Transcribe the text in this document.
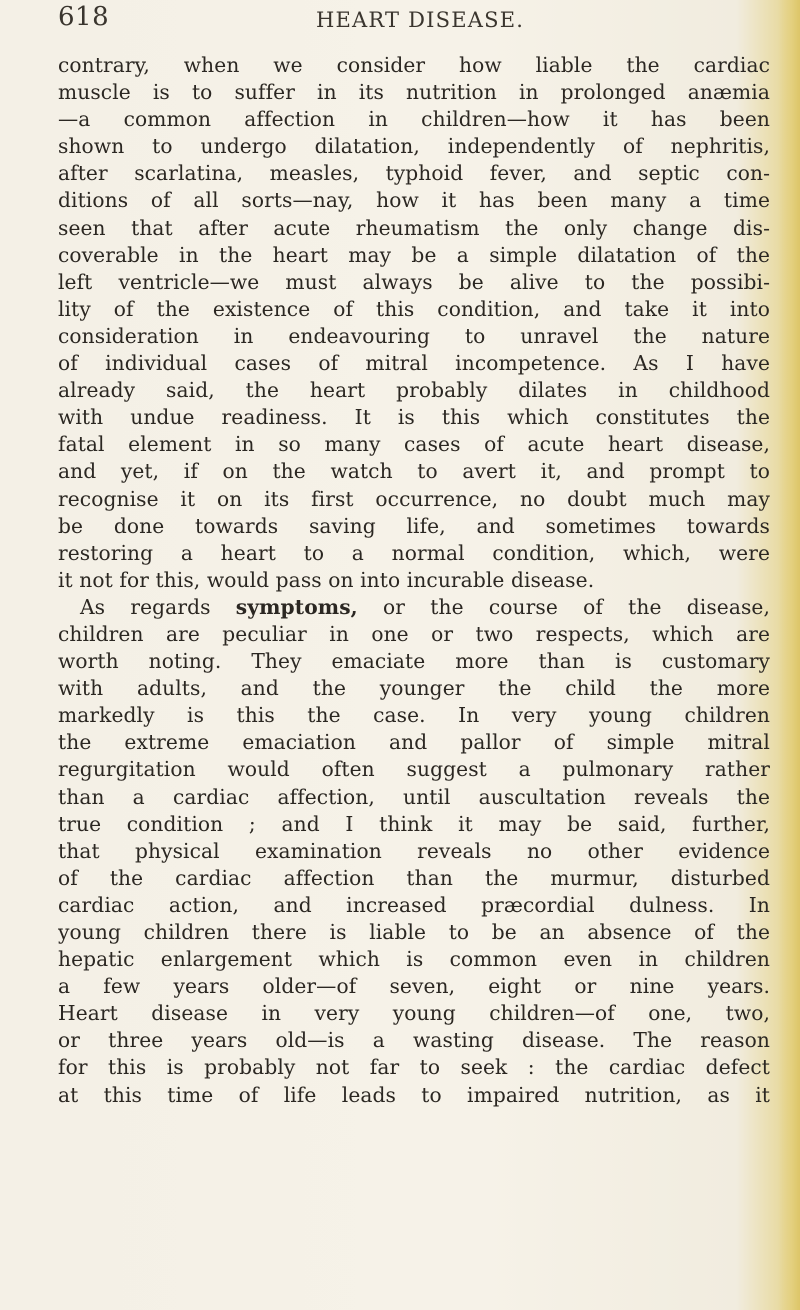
618	HEART DISEASE.
contrary, when we consider how liable the cardiac
muscle is to suffer in its nutrition in prolonged anæmia
—a common affection in children—how it has been
shown to undergo dilatation, independently of nephritis,
after scarlatina, measles, typhoid fever, and septic con-
ditions of all sorts—nay, how it has been many a time
seen that after acute rheumatism the only change dis-
coverable in the heart may be a simple dilatation of the
left ventricle—we must always be alive to the possibi-
lity of the existence of this condition, and take it into
consideration in endeavouring to unravel the nature
of individual cases of mitral incompetence. As I have
already said, the heart probably dilates in childhood
with undue readiness. It is this which constitutes the
fatal element in so many cases of acute heart disease,
and yet, if on the watch to avert it, and prompt to
recognise it on its first occurrence, no doubt much may
be done towards saving life, and sometimes towards
restoring a heart to a normal condition, which, were
it not for this, would pass on into incurable disease.
As regards symptoms, or the course of the disease,
children are peculiar in one or two respects, which are
worth noting. They emaciate more than is customary
with adults, and the younger the child the more
markedly is this the case. In very young children
the extreme emaciation and pallor of simple mitral
regurgitation would often suggest a pulmonary rather
than a cardiac affection, until auscultation reveals the
true condition ; and I think it may be said, further,
that physical examination reveals no other evidence
of the cardiac affection than the murmur, disturbed
cardiac action, and increased præcordial dulness. In
young children there is liable to be an absence of the
hepatic enlargement which is common even in children
a few years older—of seven, eight or nine years.
Heart disease in very young children—of one, two,
or three years old—is a wasting disease. The reason
for this is probably not far to seek : the cardiac defect
at this time of life leads to impaired nutrition, as it
